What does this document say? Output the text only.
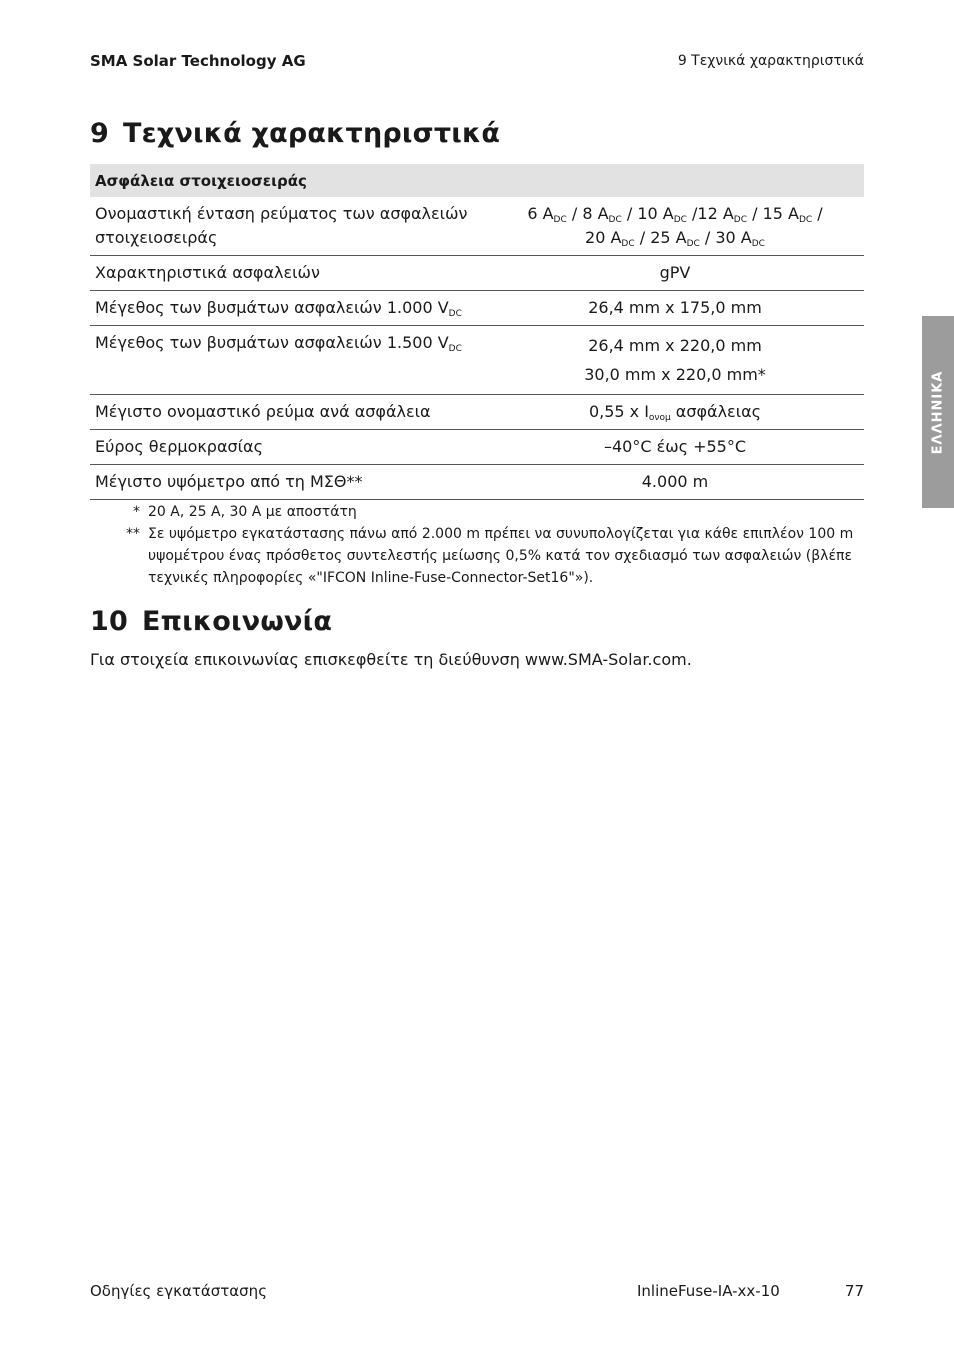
SMA Solar Technology AG	9 Τεχνικά χαρακτηριστικά
9 Τεχνικά χαρακτηριστικά
Ασφάλεια στοιχειοσειράς	
Ονομαστική ένταση ρεύματος των ασφαλειών στοιχειοσειράς	6 $A_{DC} / 8$ $A_{DC} / 10$ $A_{DC}$ /12 $A_{DC} / 15$ $A_{DC}$ /
20 $A_{DC} / 25$ $A_{DC} / 30$ $A_{DC}$
Χαρακτηριστικά ασφαλειών	gPV
Μέγεθος των βυσμάτων ασφαλειών 1.000 $V_{DC}$	26,4 mm x 175,0 mm
Μέγεθος των βυσμάτων ασφαλειών 1.500 $V_{DC}$	26,4 mm x 220,0 mm
30,0 mm x 220,0 mm*

Μέγιστο ονομαστικό ρεύμα ανά ασφάλεια	0,55 x $I_{o\nu o\mu}$ ασφάλειας
Εύρος θερμοκρασίας	–40°C έως +55°C
Μέγιστο υψόμετρο από τη ΜΣΘ**	4.000 m
* 20 A, 25 A, 30 A με αποστάτη
** Σε υψόμετρο εγκατάστασης πάνω από 2.000 m πρέπει να συνυπολογίζεται για κάθε επιπλέον 100 m υψομέτρου ένας πρόσθετος συντελεστής μείωσης 0,5% κατά τον σχεδιασμό των ασφαλειών (βλέπε τεχνικές πληροφορίες «"IFCON Inline-Fuse-Connector-Set16"»).
10 Επικοινωνία
Για στοιχεία επικοινωνίας επισκεφθείτε τη διεύθυνση www.SMA-Solar.com.
ΕΛΛΗΝΙΚΑ
Οδηγίες εγκατάστασης	InlineFuse-IA-xx-10	77
